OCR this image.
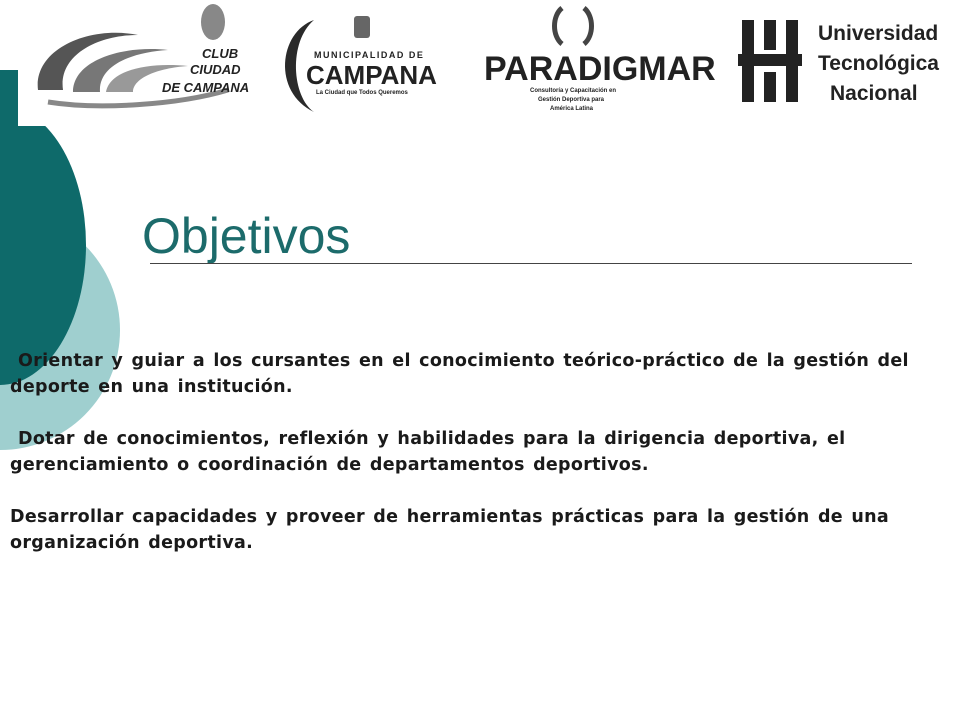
CLUB
CIUDAD
DE CAMPANA
MUNICIPALIDAD DE
CAMPANA
La Ciudad que Todos Queremos
PARADIGMAR
Consultoría y Capacitación en
Gestión Deportiva para
América Latina
Universidad
Tecnológica
Nacional
Objetivos
Orientar y guiar a los cursantes en el conocimiento teórico-práctico de la gestión del deporte en una institución.
Dotar de conocimientos, reflexión y habilidades para la dirigencia deportiva, el gerenciamiento o coordinación de departamentos deportivos.
Desarrollar capacidades y proveer de herramientas prácticas para la gestión de una organización deportiva.
